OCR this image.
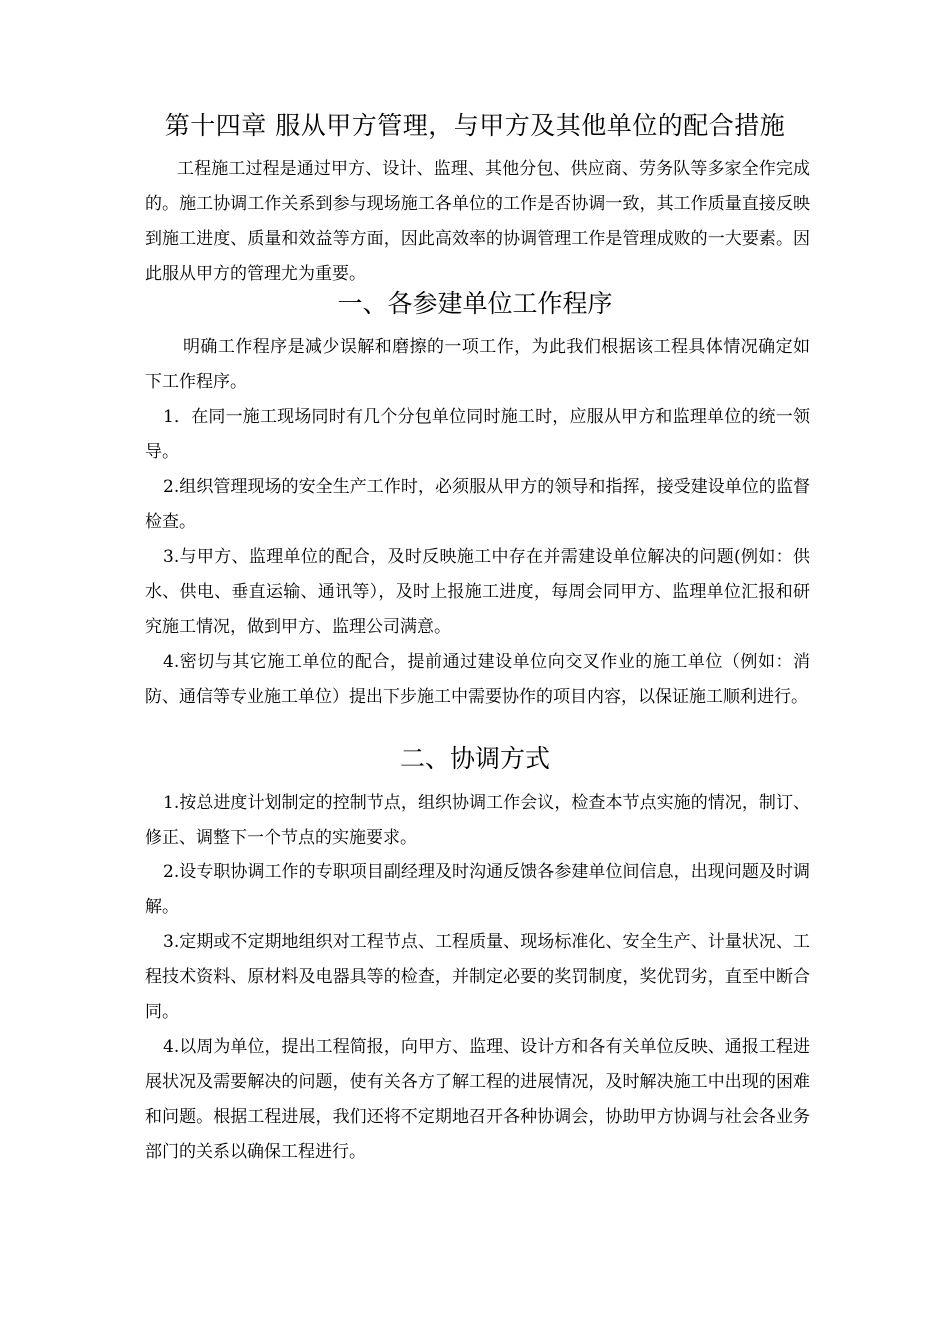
第十四章 服从甲方管理，与甲方及其他单位的配合措施
工程施工过程是通过甲方、设计、监理、其他分包、供应商、劳务队等多家全作完成的。施工协调工作关系到参与现场施工各单位的工作是否协调一致，其工作质量直接反映到施工进度、质量和效益等方面，因此高效率的协调管理工作是管理成败的一大要素。因此服从甲方的管理尤为重要。
一、各参建单位工作程序
明确工作程序是减少误解和磨擦的一项工作，为此我们根据该工程具体情况确定如下工作程序。
1．在同一施工现场同时有几个分包单位同时施工时，应服从甲方和监理单位的统一领导。
2.组织管理现场的安全生产工作时，必须服从甲方的领导和指挥，接受建设单位的监督检查。
3.与甲方、监理单位的配合，及时反映施工中存在并需建设单位解决的问题(例如：供水、供电、垂直运输、通讯等），及时上报施工进度，每周会同甲方、监理单位汇报和研究施工情况，做到甲方、监理公司满意。
4.密切与其它施工单位的配合，提前通过建设单位向交叉作业的施工单位（例如：消防、通信等专业施工单位）提出下步施工中需要协作的项目内容，以保证施工顺利进行。
二、协调方式
1.按总进度计划制定的控制节点，组织协调工作会议，检查本节点实施的情况，制订、修正、调整下一个节点的实施要求。
2.设专职协调工作的专职项目副经理及时沟通反馈各参建单位间信息，出现问题及时调解。
3.定期或不定期地组织对工程节点、工程质量、现场标准化、安全生产、计量状况、工程技术资料、原材料及电器具等的检查，并制定必要的奖罚制度，奖优罚劣，直至中断合同。
4.以周为单位，提出工程简报，向甲方、监理、设计方和各有关单位反映、通报工程进展状况及需要解决的问题，使有关各方了解工程的进展情况，及时解决施工中出现的困难和问题。根据工程进展，我们还将不定期地召开各种协调会，协助甲方协调与社会各业务部门的关系以确保工程进行。
